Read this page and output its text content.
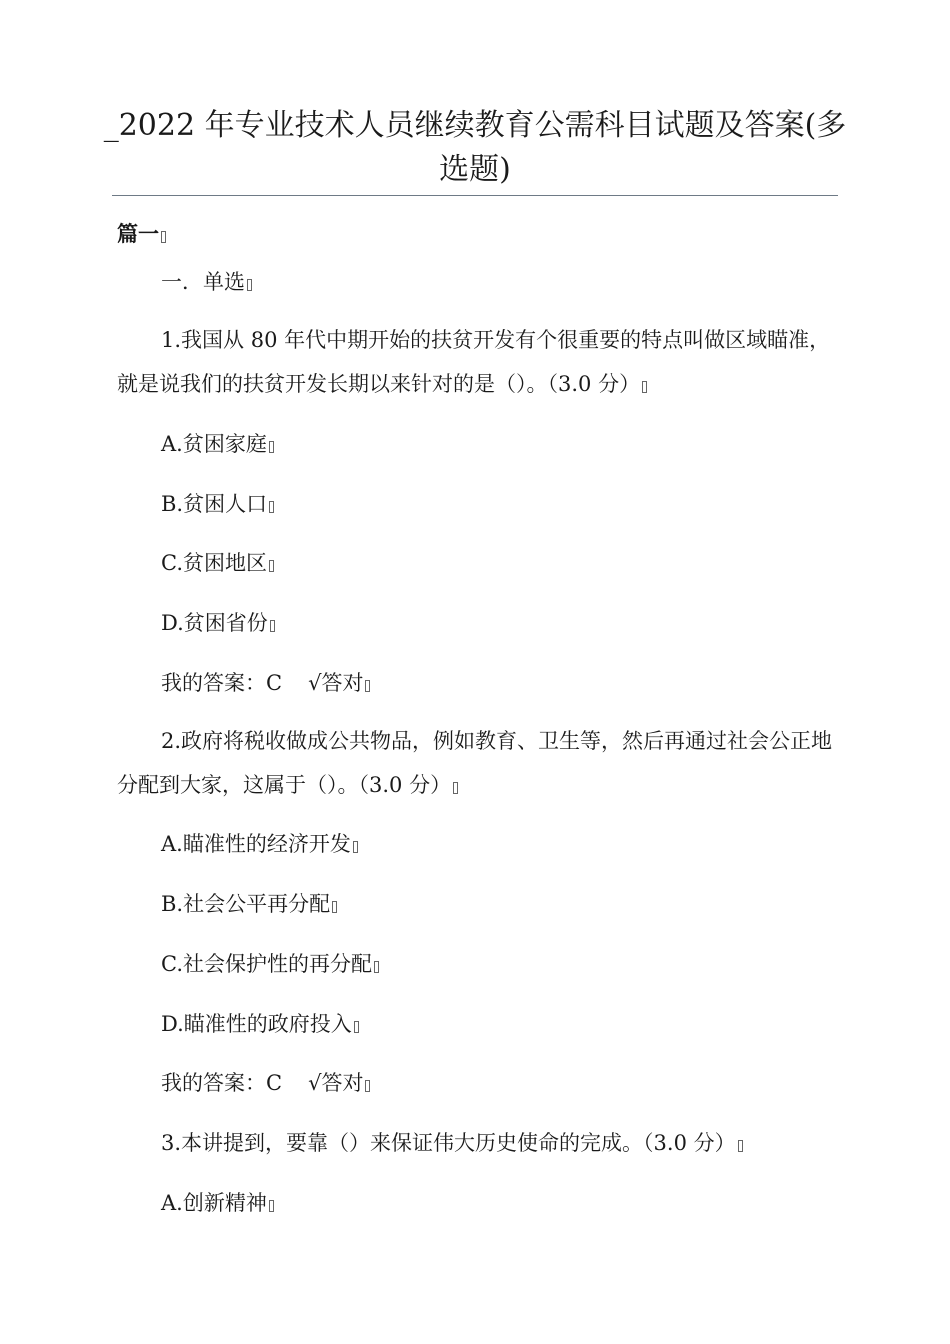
_2022 年专业技术人员继续教育公需科目试题及答案(多选题)
篇一
一．单选
1.我国从 80 年代中期开始的扶贫开发有个很重要的特点叫做区域瞄准，就是说我们的扶贫开发长期以来针对的是（）。（3.0 分）
A.贫困家庭
B.贫困人口
C.贫困地区
D.贫困省份
我的答案：C √答对
2.政府将税收做成公共物品，例如教育、卫生等，然后再通过社会公正地分配到大家，这属于（）。（3.0 分）
A.瞄准性的经济开发
B.社会公平再分配
C.社会保护性的再分配
D.瞄准性的政府投入
我的答案：C √答对
3.本讲提到，要靠（）来保证伟大历史使命的完成。（3.0 分）
A.创新精神
